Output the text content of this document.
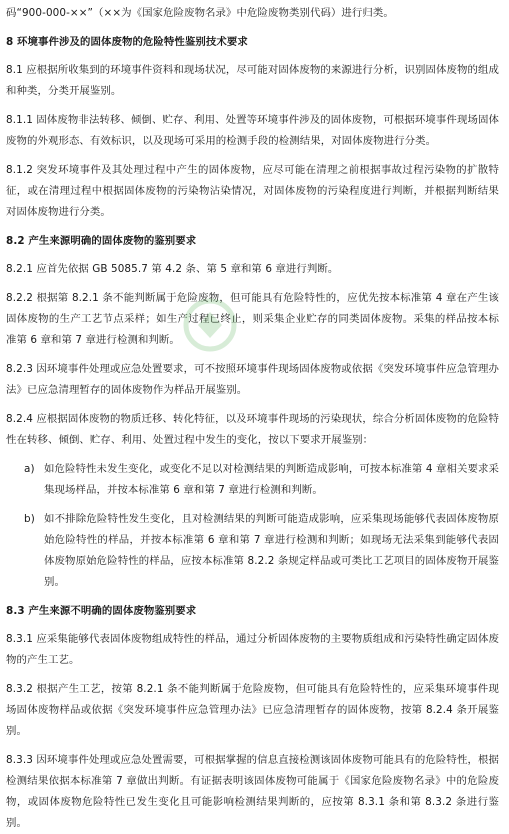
码“900-000-××”（××为《国家危险废物名录》中危险废物类别代码）进行归类。

8 环境事件涉及的固体废物的危险特性鉴别技术要求

8.1 应根据所收集到的环境事件资料和现场状况，尽可能对固体废物的来源进行分析，识别固体废物的组成和种类，分类开展鉴别。

8.1.1 固体废物非法转移、倾倒、贮存、利用、处置等环境事件涉及的固体废物，可根据环境事件现场固体废物的外观形态、有效标识，以及现场可采用的检测手段的检测结果，对固体废物进行分类。

8.1.2 突发环境事件及其处理过程中产生的固体废物，应尽可能在清理之前根据事故过程污染物的扩散特征，或在清理过程中根据固体废物的污染物沾染情况，对固体废物的污染程度进行判断，并根据判断结果对固体废物进行分类。

8.2 产生来源明确的固体废物的鉴别要求

8.2.1 应首先依据 GB 5085.7 第 4.2 条、第 5 章和第 6 章进行判断。

8.2.2 根据第 8.2.1 条不能判断属于危险废物，但可能具有危险特性的，应优先按本标准第 4 章在产生该固体废物的生产工艺节点采样；如生产过程已终止，则采集企业贮存的同类固体废物。采集的样品按本标准第 6 章和第 7 章进行检测和判断。

8.2.3 因环境事件处理或应急处置要求，可不按照环境事件现场固体废物或依据《突发环境事件应急管理办法》已应急清理暂存的固体废物作为样品开展鉴别。

8.2.4 应根据固体废物的物质迁移、转化特征，以及环境事件现场的污染现状，综合分析固体废物的危险特性在转移、倾倒、贮存、利用、处置过程中发生的变化，按以下要求开展鉴别：

a) 如危险特性未发生变化，或变化不足以对检测结果的判断造成影响，可按本标准第 4 章相关要求采集现场样品，并按本标准第 6 章和第 7 章进行检测和判断。
b) 如不排除危险特性发生变化，且对检测结果的判断可能造成影响，应采集现场能够代表固体废物原始危险特性的样品，并按本标准第 6 章和第 7 章进行检测和判断；如现场无法采集到能够代表固体废物原始危险特性的样品，应按本标准第 8.2.2 条规定样品或可类比工艺项目的固体废物开展鉴别。

8.3 产生来源不明确的固体废物鉴别要求

8.3.1 应采集能够代表固体废物组成特性的样品，通过分析固体废物的主要物质组成和污染特性确定固体废物的产生工艺。

8.3.2 根据产生工艺，按第 8.2.1 条不能判断属于危险废物，但可能具有危险特性的，应采集环境事件现场固体废物样品或依据《突发环境事件应急管理办法》已应急清理暂存的固体废物，按第 8.2.4 条开展鉴别。

8.3.3 因环境事件处理或应急处置需要，可根据掌握的信息直接检测该固体废物可能具有的危险特性，根据检测结果依据本标准第 7 章做出判断。有证据表明该固体废物可能属于《国家危险废物名录》中的危险废物，或固体废物危险特性已发生变化且可能影响检测结果判断的，应按第 8.3.1 条和第 8.3.2 条进行鉴别。
